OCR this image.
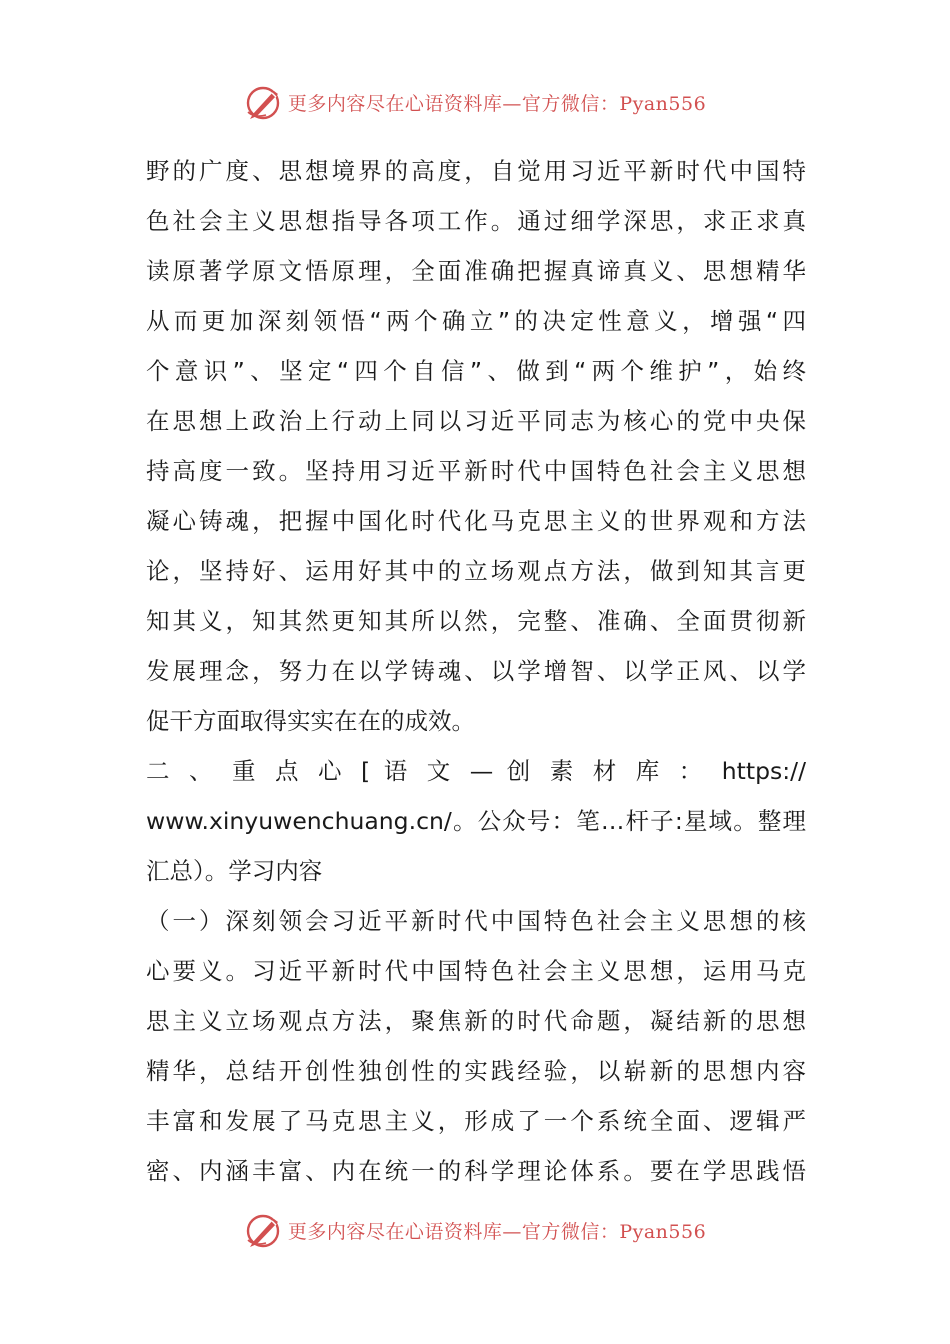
更多内容尽在心语资料库—官方微信：Pyan556
野的广度、思想境界的高度，自觉用习近平新时代中国特
色社会主义思想指导各项工作。通过细学深思，求正求真
读原著学原文悟原理，全面准确把握真谛真义、思想精华
从而更加深刻领悟“两个确立”的决定性意义，增强“四
个意识”、坚定“四个自信”、做到“两个维护”，始终
在思想上政治上行动上同以习近平同志为核心的党中央保
持高度一致。坚持用习近平新时代中国特色社会主义思想
凝心铸魂，把握中国化时代化马克思主义的世界观和方法
论，坚持好、运用好其中的立场观点方法，做到知其言更
知其义，知其然更知其所以然，完整、准确、全面贯彻新
发展理念，努力在以学铸魂、以学增智、以学正风、以学
促干方面取得实实在在的成效。
二 、 重 点 心 [ 语 文 — 创 素 材 库 ： https://
www.xinyuwenchuang.cn/。公众号：笔…杆子:星域。整理
汇总）。学习内容
（一）深刻领会习近平新时代中国特色社会主义思想的核
心要义。习近平新时代中国特色社会主义思想，运用马克
思主义立场观点方法，聚焦新的时代命题，凝结新的思想
精华，总结开创性独创性的实践经验，以崭新的思想内容
丰富和发展了马克思主义，形成了一个系统全面、逻辑严
密、内涵丰富、内在统一的科学理论体系。要在学思践悟
更多内容尽在心语资料库—官方微信：Pyan556
